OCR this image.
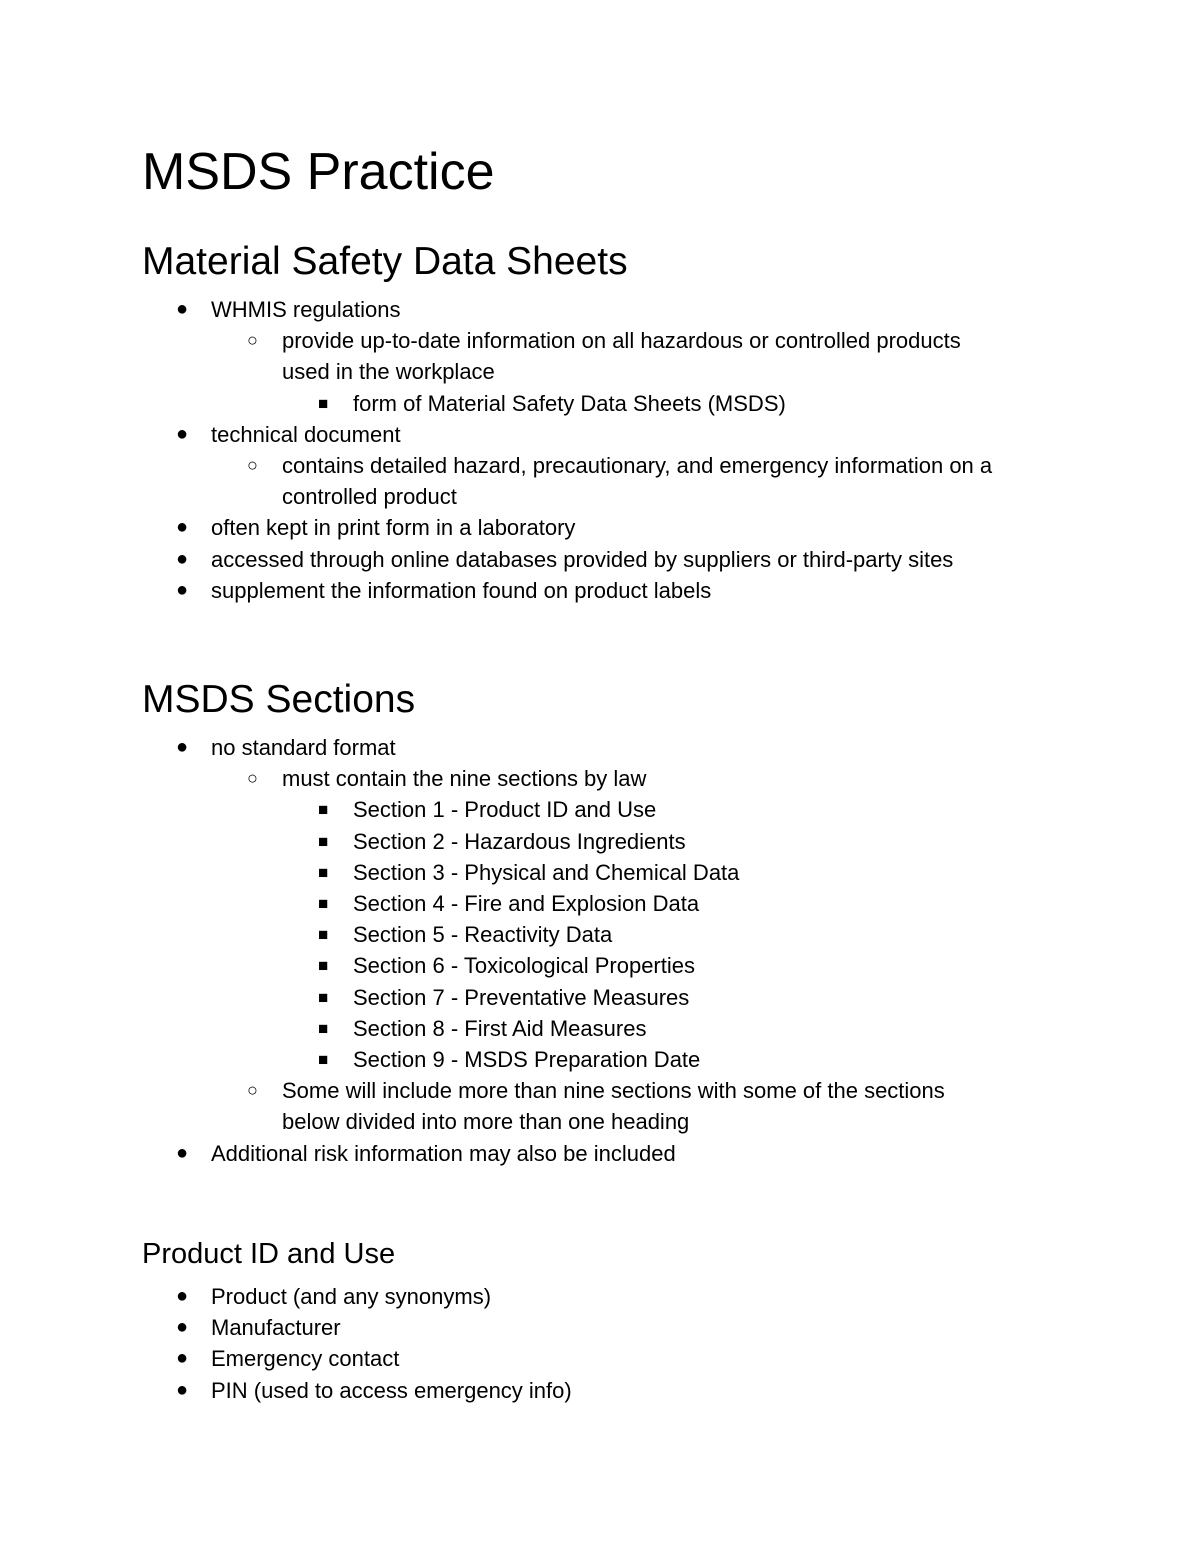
MSDS Practice
Material Safety Data Sheets
● WHMIS regulations
○ provide up-to-date information on all hazardous or controlled products
used in the workplace
■ form of Material Safety Data Sheets (MSDS)
● technical document
○ contains detailed hazard, precautionary, and emergency information on a
controlled product
● often kept in print form in a laboratory
● accessed through online databases provided by suppliers or third-party sites
● supplement the information found on product labels
MSDS Sections
● no standard format
○ must contain the nine sections by law
■ Section 1 - Product ID and Use
■ Section 2 - Hazardous Ingredients
■ Section 3 - Physical and Chemical Data
■ Section 4 - Fire and Explosion Data
■ Section 5 - Reactivity Data
■ Section 6 - Toxicological Properties
■ Section 7 - Preventative Measures
■ Section 8 - First Aid Measures
■ Section 9 - MSDS Preparation Date
○ Some will include more than nine sections with some of the sections
below divided into more than one heading
● Additional risk information may also be included
Product ID and Use
● Product (and any synonyms)
● Manufacturer
● Emergency contact
● PIN (used to access emergency info)
